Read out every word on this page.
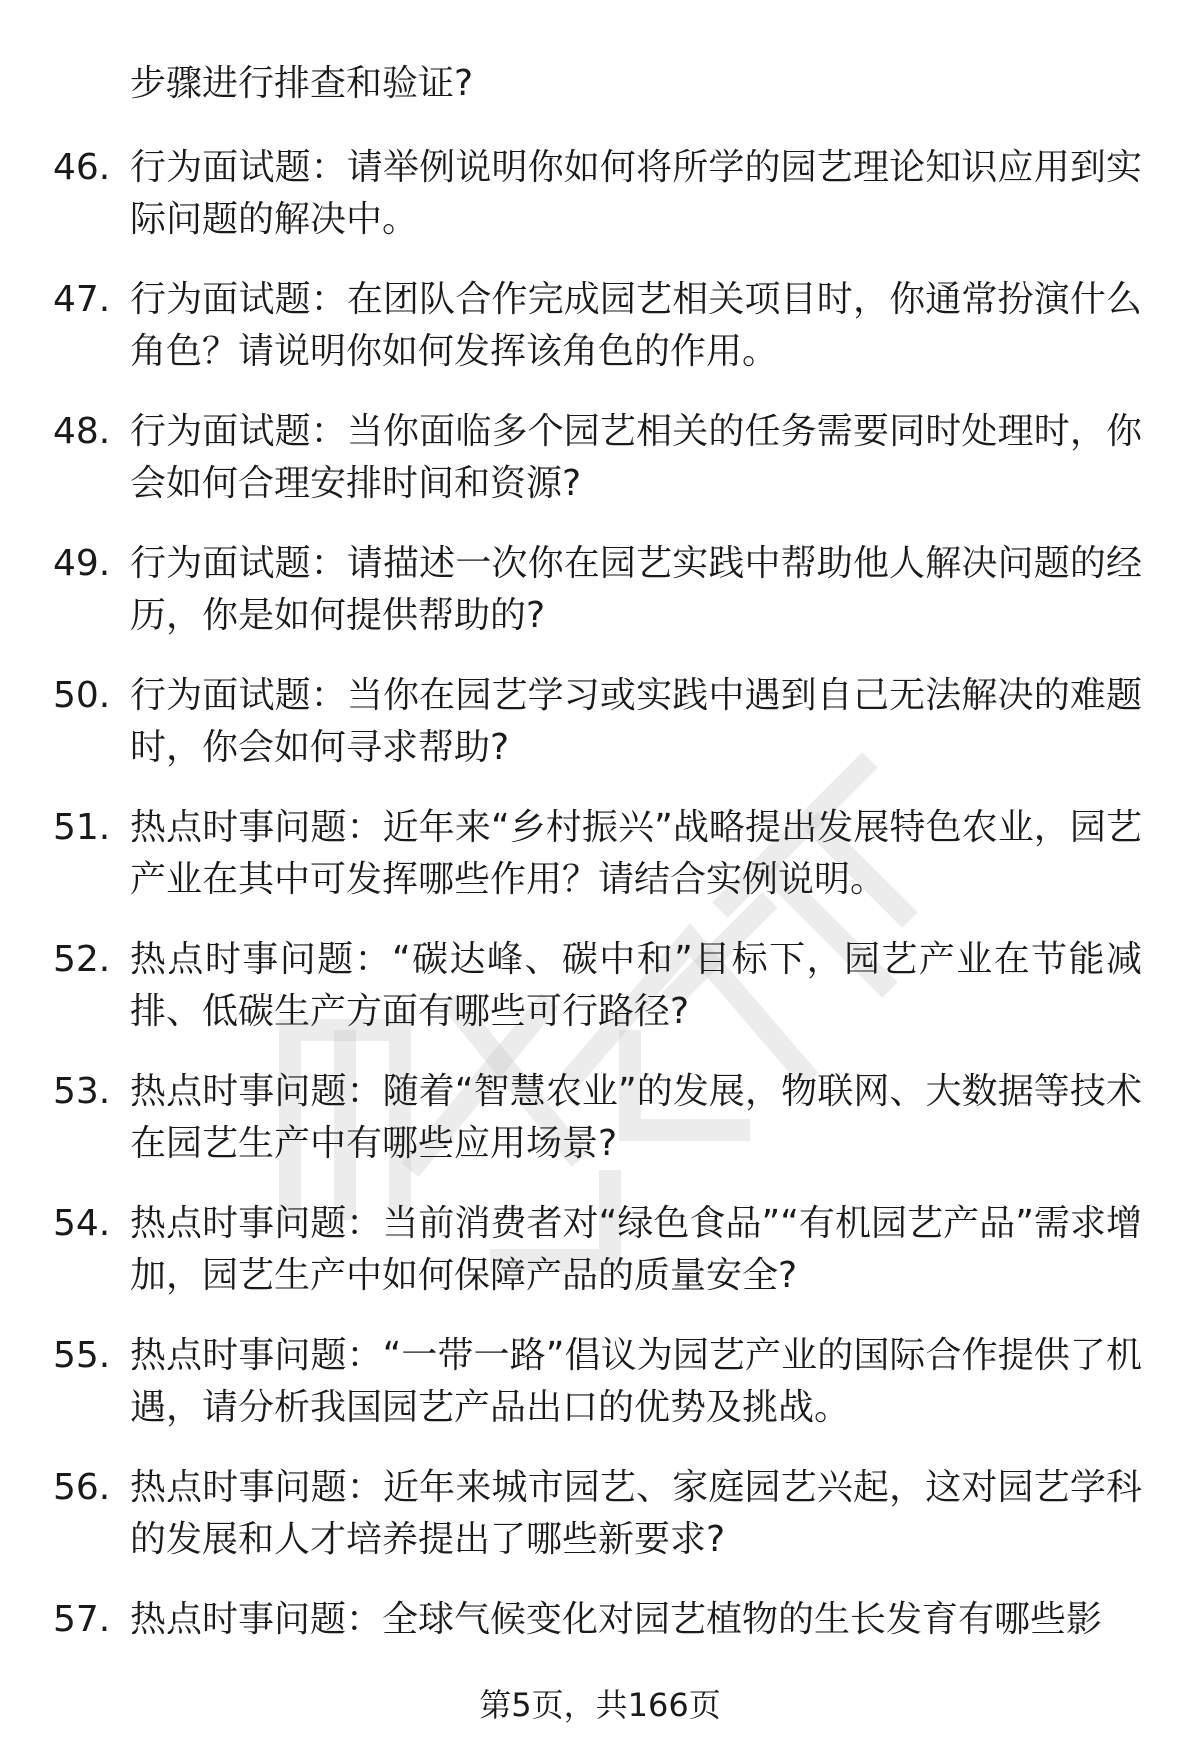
步骤进行排查和验证?
46. 行为面试题：请举例说明你如何将所学的园艺理论知识应用到实际问题的解决中。
47. 行为面试题：在团队合作完成园艺相关项目时，你通常扮演什么角色？请说明你如何发挥该角色的作用。
48. 行为面试题：当你面临多个园艺相关的任务需要同时处理时，你会如何合理安排时间和资源?
49. 行为面试题：请描述一次你在园艺实践中帮助他人解决问题的经历，你是如何提供帮助的?
50. 行为面试题：当你在园艺学习或实践中遇到自己无法解决的难题时，你会如何寻求帮助?
51. 热点时事问题：近年来“乡村振兴”战略提出发展特色农业，园艺产业在其中可发挥哪些作用？请结合实例说明。
52. 热点时事问题：“碳达峰、碳中和”目标下，园艺产业在节能减排、低碳生产方面有哪些可行路径?
53. 热点时事问题：随着“智慧农业”的发展，物联网、大数据等技术在园艺生产中有哪些应用场景?
54. 热点时事问题：当前消费者对“绿色食品”“有机园艺产品”需求增加，园艺生产中如何保障产品的质量安全?
55. 热点时事问题：“一带一路”倡议为园艺产业的国际合作提供了机遇，请分析我国园艺产品出口的优势及挑战。
56. 热点时事问题：近年来城市园艺、家庭园艺兴起，这对园艺学科的发展和人才培养提出了哪些新要求?
57. 热点时事问题：全球气候变化对园艺植物的生长发育有哪些影
第5页，共166页
